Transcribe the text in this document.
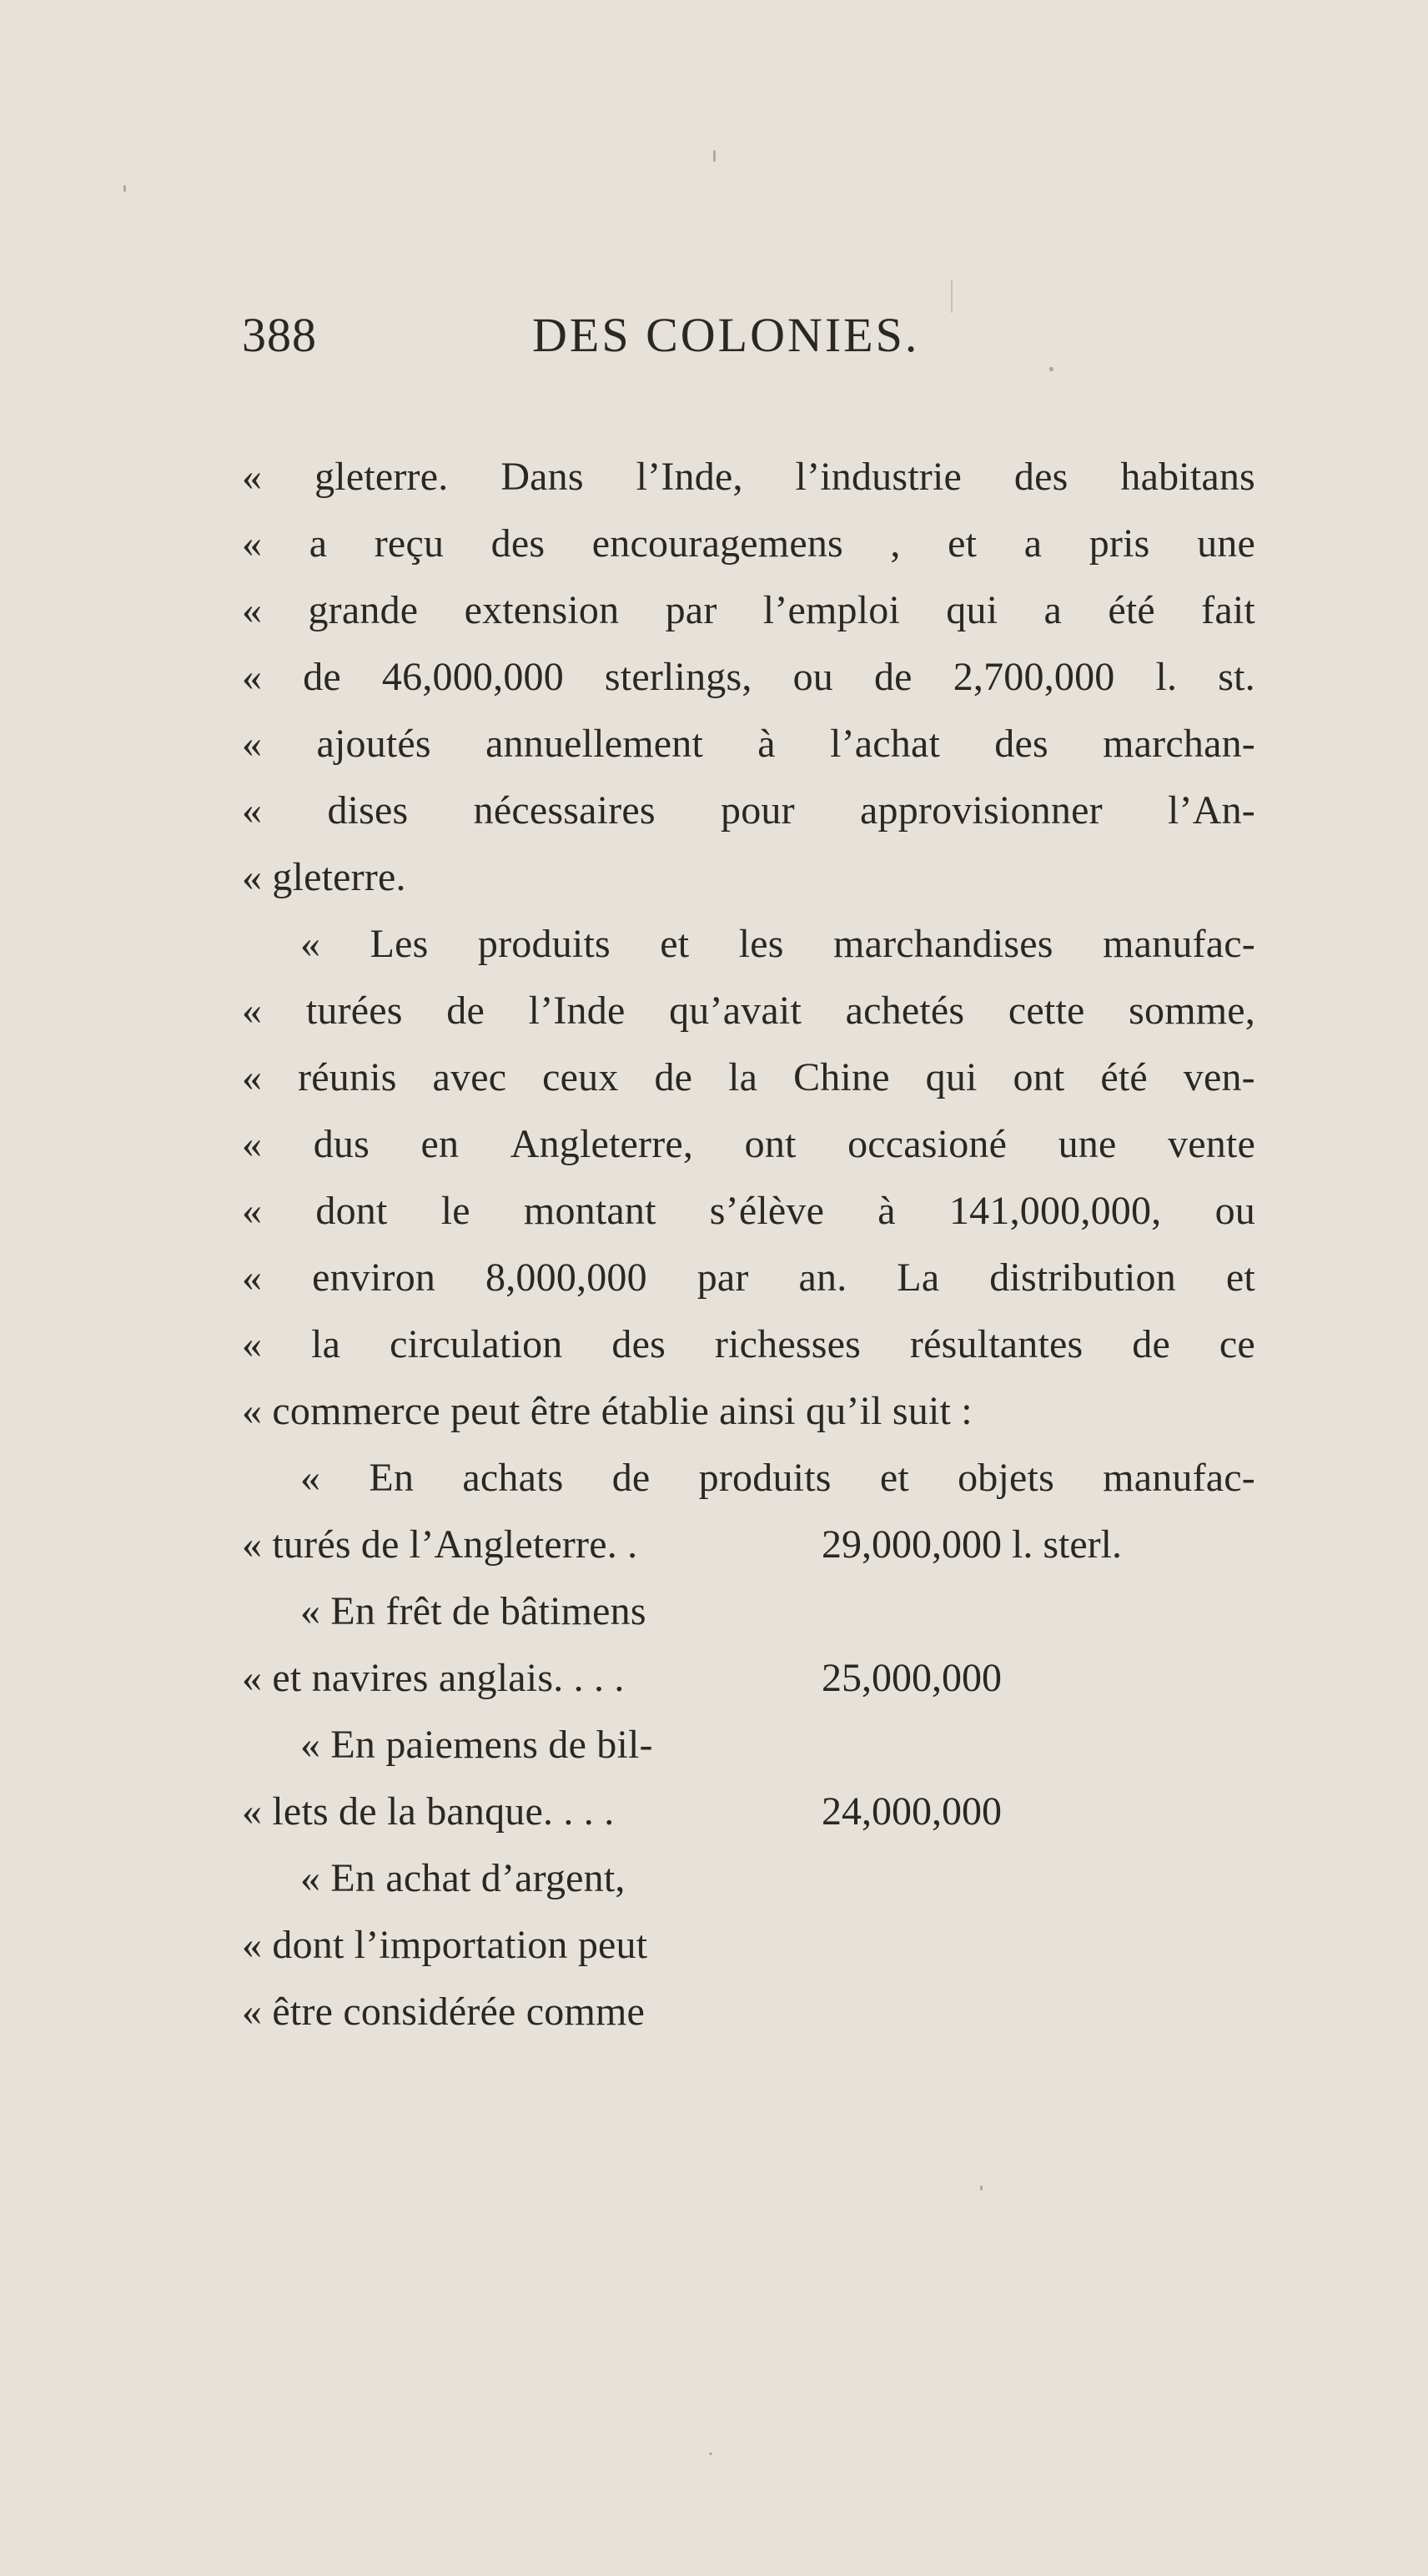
388	DES COLONIES.
« gleterre. Dans l’Inde, l’industrie des habitans
« a reçu des encouragemens , et a pris une
« grande extension par l’emploi qui a été fait
« de 46,000,000 sterlings, ou de 2,700,000 l. st.
« ajoutés annuellement à l’achat des marchan-
« dises nécessaires pour approvisionner l’An-
« gleterre.
« Les produits et les marchandises manufac-
« turées de l’Inde qu’avait achetés cette somme,
« réunis avec ceux de la Chine qui ont été ven-
« dus en Angleterre, ont occasioné une vente
« dont le montant s’élève à 141,000,000, ou
« environ 8,000,000 par an. La distribution et
« la circulation des richesses résultantes de ce
« commerce peut être établie ainsi qu’il suit :
« En achats de produits et objets manufac-
« turés de l’Angleterre. .	29,000,000 l. sterl.
« En frêt de bâtimens
« et navires anglais. . . .	25,000,000
« En paiemens de bil-
« lets de la banque. . . .	24,000,000
« En achat d’argent,
« dont l’importation peut
« être considérée comme
